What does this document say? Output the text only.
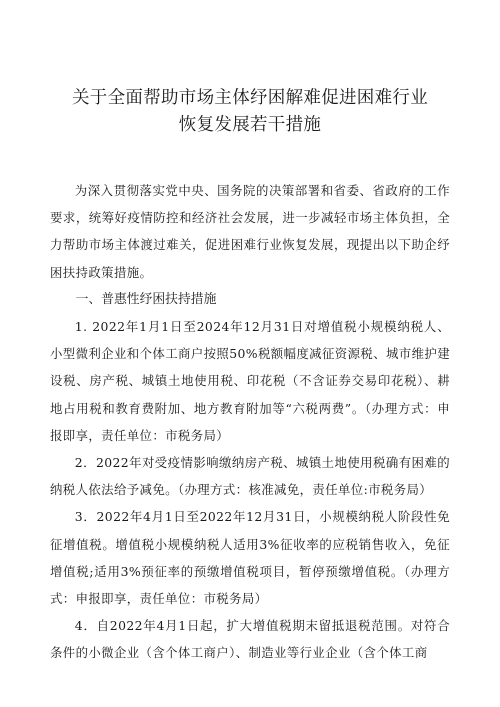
关于全面帮助市场主体纾困解难促进困难行业
恢复发展若干措施

为深入贯彻落实党中央、国务院的决策部署和省委、省政府的工作要求，统筹好疫情防控和经济社会发展，进一步减轻市场主体负担，全力帮助市场主体渡过难关，促进困难行业恢复发展，现提出以下助企纾困扶持政策措施。

一、普惠性纾困扶持措施

1. 2022年1月1日至2024年12月31日对增值税小规模纳税人、小型微利企业和个体工商户按照50%税额幅度减征资源税、城市维护建设税、房产税、城镇土地使用税、印花税（不含证券交易印花税）、耕地占用税和教育费附加、地方教育附加等“六税两费”。（办理方式：申报即享，责任单位：市税务局）

2．2022年对受疫情影响缴纳房产税、城镇土地使用税确有困难的纳税人依法给予减免。（办理方式：核准减免，责任单位:市税务局）

3．2022年4月1日至2022年12月31日，小规模纳税人阶段性免征增值税。增值税小规模纳税人适用3%征收率的应税销售收入，免征增值税;适用3%预征率的预缴增值税项目，暂停预缴增值税。（办理方式：申报即享，责任单位：市税务局）

4．自2022年4月1日起，扩大增值税期末留抵退税范围。对符合条件的小微企业（含个体工商户）、制造业等行业企业（含个体工商
